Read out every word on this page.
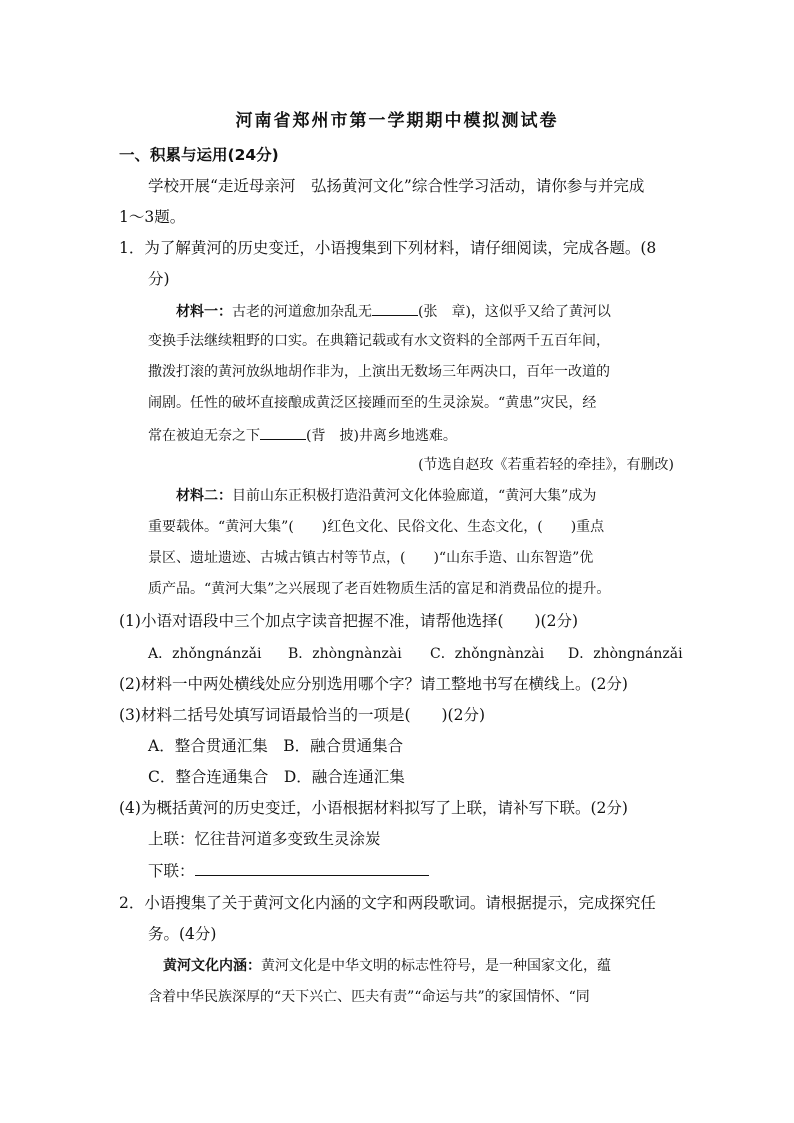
河南省郑州市第一学期期中模拟测试卷
一、积累与运用(24分)
学校开展“走近母亲河　弘扬黄河文化”综合性学习活动，请你参与并完成
1～3题。
1．为了解黄河的历史变迁，小语搜集到下列材料，请仔细阅读，完成各题。(8
分)
材料一：古老的河道愈加杂乱无	(张　章)，这似乎又给了黄河以
变换手法继续粗野的口实。在典籍记载或有水文资料的全部两千五百年间，
撒泼打滚的黄河放纵地胡作非为，上演出无数场三年两决口，百年一改道的
闹剧。任性的破坏直接酿成黄泛区接踵而至的生灵涂炭。“黄患”灾民，经
常在被迫无奈之下	(背　披)井离乡地逃难。
(节选自赵玫《若重若轻的牵挂》，有删改)
材料二：目前山东正积极打造沿黄河文化体验廊道，“黄河大集”成为
重要载体。“黄河大集”(　　)红色文化、民俗文化、生态文化，(　　)重点
景区、遗址遗迹、古城古镇古村等节点，(　　)“山东手造、山东智造”优
质产品。“黄河大集”之兴展现了老百姓物质生活的富足和消费品位的提升。
(1)小语对语段中三个加点字读音把握不准，请帮他选择(　　)(2分)
A．zhǒngnánzǎi B．zhòngnànzài C．zhǒngnànzài D．zhòngnánzǎi
(2)材料一中两处横线处应分别选用哪个字？请工整地书写在横线上。(2分)
(3)材料二括号处填写词语最恰当的一项是(　　)(2分)
A．整合贯通汇集　B．融合贯通集合
C．整合连通集合　D．融合连通汇集
(4)为概括黄河的历史变迁，小语根据材料拟写了上联，请补写下联。(2分)
上联：忆往昔河道多变致生灵涂炭
下联：
2．小语搜集了关于黄河文化内涵的文字和两段歌词。请根据提示，完成探究任
务。(4分)
黄河文化内涵：黄河文化是中华文明的标志性符号，是一种国家文化，蕴
含着中华民族深厚的“天下兴亡、匹夫有责”“命运与共”的家国情怀、“同
